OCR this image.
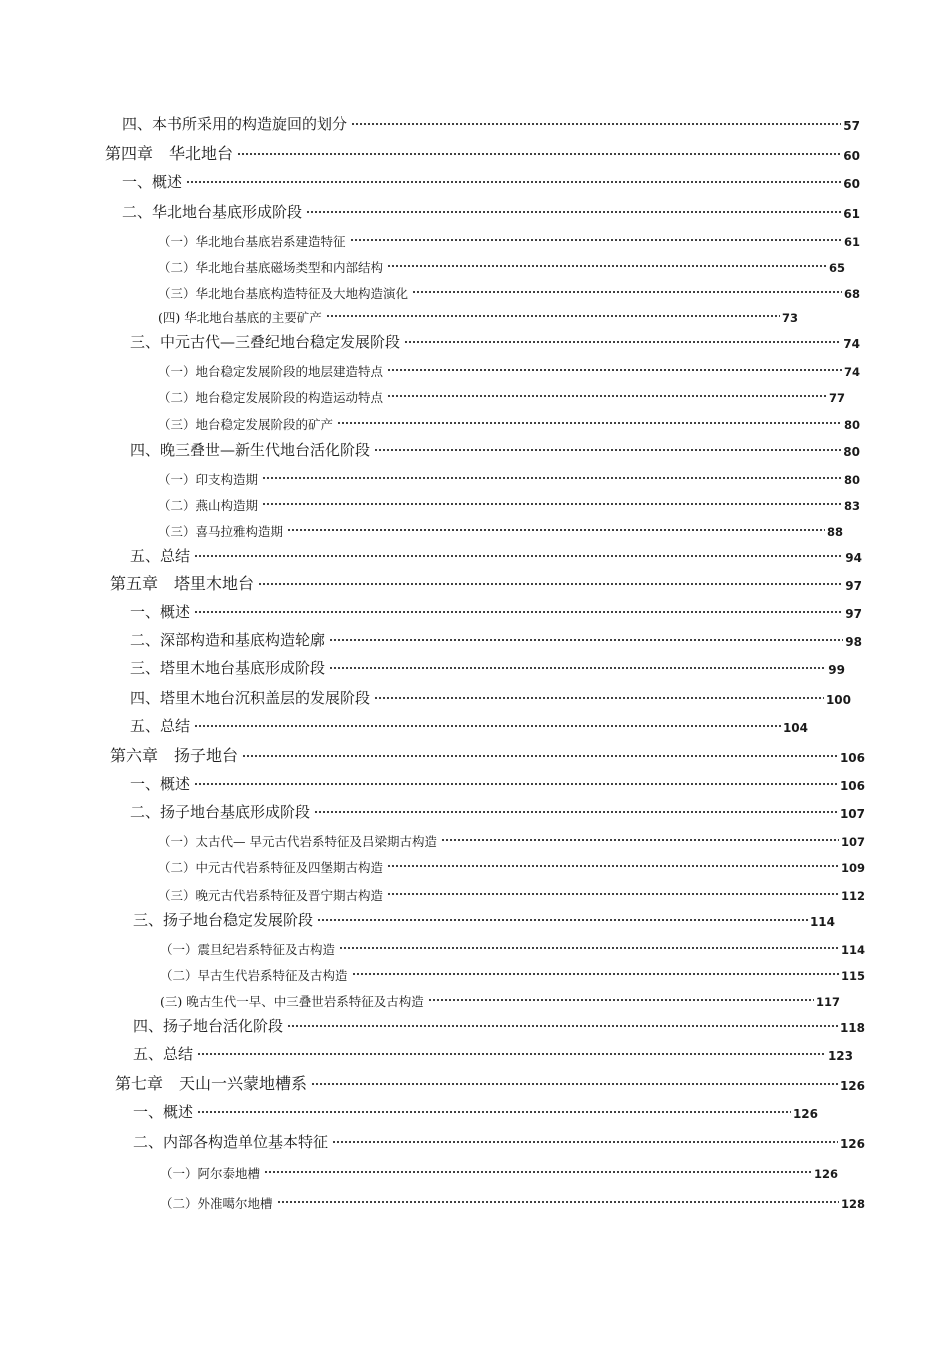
四、本书所采用的构造旋回的划分	57
第四章　华北地台	60
一、概述	60
二、华北地台基底形成阶段	61
（一）华北地台基底岩系建造特征	61
（二）华北地台基底磁场类型和内部结构	65
（三）华北地台基底构造特征及大地构造演化	68
(四) 华北地台基底的主要矿产	73
三、中元古代—三叠纪地台稳定发展阶段	74
（一）地台稳定发展阶段的地层建造特点	74
（二）地台稳定发展阶段的构造运动特点	77
（三）地台稳定发展阶段的矿产	80
四、晚三叠世—新生代地台活化阶段	80
（一）印支构造期	80
（二）燕山构造期	83
（三）喜马拉雅构造期	88
五、总结	94
第五章　塔里木地台	97
一、概述	97
二、深部构造和基底构造轮廓	98
三、塔里木地台基底形成阶段	99
四、塔里木地台沉积盖层的发展阶段	100
五、总结	104
第六章　扬子地台	106
一、概述	106
二、扬子地台基底形成阶段	107
（一）太古代— 早元古代岩系特征及吕梁期古构造	107
（二）中元古代岩系特征及四堡期古构造	109
（三）晚元古代岩系特征及晋宁期古构造	112
三、扬子地台稳定发展阶段	114
（一）震旦纪岩系特征及古构造	114
（二）早古生代岩系特征及古构造	115
(三) 晚古生代一早、中三叠世岩系特征及古构造	117
四、扬子地台活化阶段	118
五、总结	123
第七章　天山一兴蒙地槽系	126
一、概述	126
二、内部各构造单位基本特征	126
（一）阿尔泰地槽	126
（二）外准噶尔地槽	128
